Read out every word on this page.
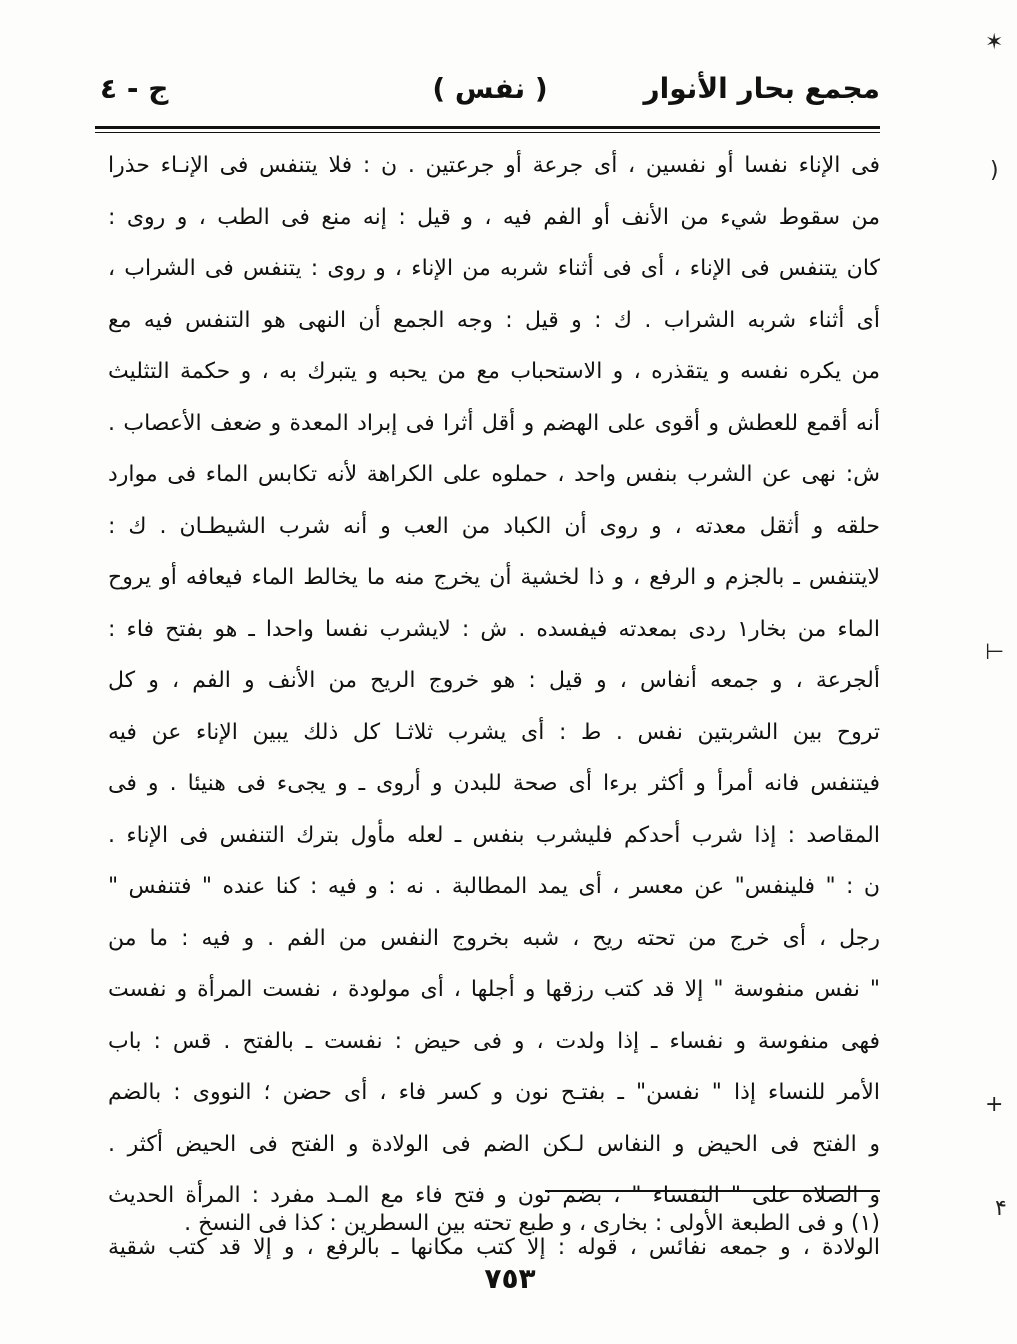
مجمع بحار الأنوار
( نفس )
ج - ٤
فى الإناء نفسا أو نفسين ، أى جرعة أو جرعتين . ن : فلا يتنفس فى الإنـاء حذرا
من سقوط شيء من الأنف أو الفم فيه ، و قيل : إنه منع فى الطب ، و روى :
كان يتنفس فى الإناء ، أى فى أثناء شربه من الإناء ، و روى : يتنفس فى الشراب ،
أى أثناء شربه الشراب . ك : و قيل : وجه الجمع أن النهى هو التنفس فيه مع
من يكره نفسه و يتقذره ، و الاستحباب مع من يحبه و يتبرك به ، و حكمة التثليث
أنه أقمع للعطش و أقوى على الهضم و أقل أثرا فى إبراد المعدة و ضعف الأعصاب .
ش: نهى عن الشرب بنفس واحد ، حملوه على الكراهة لأنه تكابس الماء فى موارد
حلقه و أثقل معدته ، و روى أن الكباد من العب و أنه شرب الشيطـان . ك :
لايتنفس ـ بالجزم و الرفع ، و ذا لخشية أن يخرج منه ما يخالط الماء فيعافه أو يروح
الماء من بخار١ ردى بمعدته فيفسده . ش : لايشرب نفسا واحدا ـ هو بفتح فاء :
ألجرعة ، و جمعه أنفاس ، و قيل : هو خروج الريح من الأنف و الفم ، و كل
تروح بين الشربتين نفس . ط : أى يشرب ثلاثـا كل ذلك يبين الإناء عن فيه
فيتنفس فانه أمرأ و أكثر برءا أى صحة للبدن و أروى ـ و يجىء فى هنيئا . و فى
المقاصد : إذا شرب أحدكم فليشرب بنفس ـ لعله مأول بترك التنفس فى الإناء .
ن : " فلينفس" عن معسر ، أى يمد المطالبة . نه : و فيه : كنا عنده " فتنفس "
رجل ، أى خرج من تحته ريح ، شبه بخروج النفس من الفم . و فيه : ما من
" نفس منفوسة " إلا قد كتب رزقها و أجلها ، أى مولودة ، نفست المرأة و نفست
فهى منفوسة و نفساء ـ إذا ولدت ، و فى حيض : نفست ـ بالفتح . قس : باب
الأمر للنساء إذا " نفسن" ـ بفتـح نون و كسر فاء ، أى حضن ؛ النووى : بالضم
و الفتح فى الحيض و النفاس لـكن الضم فى الولادة و الفتح فى الحيض أكثر .
و الصلاة على " النفساء " ، بضم نون و فتح فاء مع المـد مفرد : المرأة الحديث
الولادة ، و جمعه نفائس ، قوله : إلا كتب مكانها ـ بالرفع ، و إلا قد كتب شقية
(١) و فى الطبعة الأولى : بخارى ، و طبع تحته بين السطرين : كذا فى النسخ .
٧٥٣
✶
(
⊣
+
۴
